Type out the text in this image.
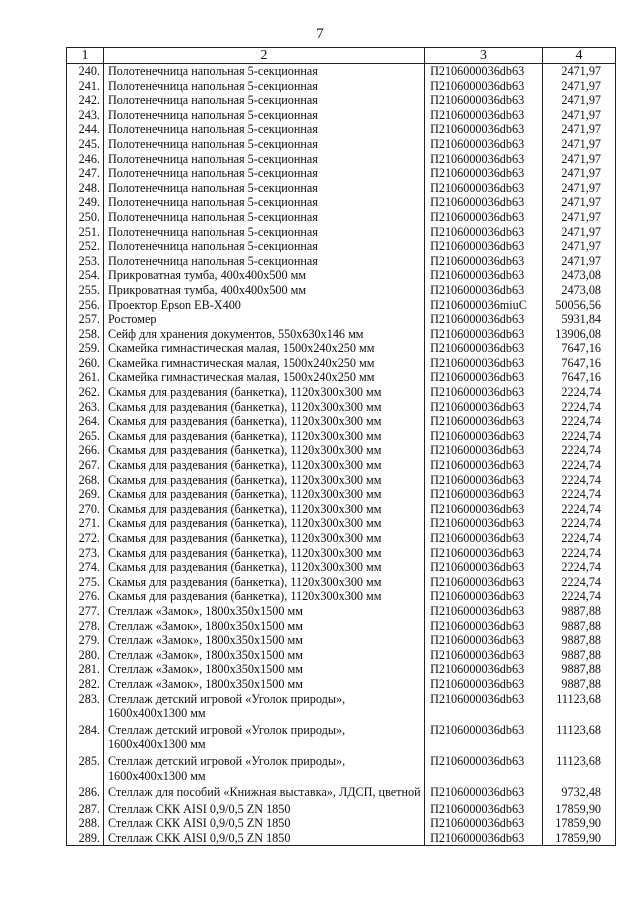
7
1	2	3	4
240.	Полотенечница напольная 5-секционная	П2106000036db63	2471,97
241.	Полотенечница напольная 5-секционная	П2106000036db63	2471,97
242.	Полотенечница напольная 5-секционная	П2106000036db63	2471,97
243.	Полотенечница напольная 5-секционная	П2106000036db63	2471,97
244.	Полотенечница напольная 5-секционная	П2106000036db63	2471,97
245.	Полотенечница напольная 5-секционная	П2106000036db63	2471,97
246.	Полотенечница напольная 5-секционная	П2106000036db63	2471,97
247.	Полотенечница напольная 5-секционная	П2106000036db63	2471,97
248.	Полотенечница напольная 5-секционная	П2106000036db63	2471,97
249.	Полотенечница напольная 5-секционная	П2106000036db63	2471,97
250.	Полотенечница напольная 5-секционная	П2106000036db63	2471,97
251.	Полотенечница напольная 5-секционная	П2106000036db63	2471,97
252.	Полотенечница напольная 5-секционная	П2106000036db63	2471,97
253.	Полотенечница напольная 5-секционная	П2106000036db63	2471,97
254.	Прикроватная тумба, 400x400x500 мм	П2106000036db63	2473,08
255.	Прикроватная тумба, 400x400x500 мм	П2106000036db63	2473,08
256.	Проектор Epson EB-X400	П2106000036miuC	50056,56
257.	Ростомер	П2106000036db63	5931,84
258.	Сейф для хранения документов, 550x630x146 мм	П2106000036db63	13906,08
259.	Скамейка гимнастическая малая, 1500x240x250 мм	П2106000036db63	7647,16
260.	Скамейка гимнастическая малая, 1500x240x250 мм	П2106000036db63	7647,16
261.	Скамейка гимнастическая малая, 1500x240x250 мм	П2106000036db63	7647,16
262.	Скамья для раздевания (банкетка), 1120x300x300 мм	П2106000036db63	2224,74
263.	Скамья для раздевания (банкетка), 1120x300x300 мм	П2106000036db63	2224,74
264.	Скамья для раздевания (банкетка), 1120x300x300 мм	П2106000036db63	2224,74
265.	Скамья для раздевания (банкетка), 1120x300x300 мм	П2106000036db63	2224,74
266.	Скамья для раздевания (банкетка), 1120x300x300 мм	П2106000036db63	2224,74
267.	Скамья для раздевания (банкетка), 1120x300x300 мм	П2106000036db63	2224,74
268.	Скамья для раздевания (банкетка), 1120x300x300 мм	П2106000036db63	2224,74
269.	Скамья для раздевания (банкетка), 1120x300x300 мм	П2106000036db63	2224,74
270.	Скамья для раздевания (банкетка), 1120x300x300 мм	П2106000036db63	2224,74
271.	Скамья для раздевания (банкетка), 1120x300x300 мм	П2106000036db63	2224,74
272.	Скамья для раздевания (банкетка), 1120x300x300 мм	П2106000036db63	2224,74
273.	Скамья для раздевания (банкетка), 1120x300x300 мм	П2106000036db63	2224,74
274.	Скамья для раздевания (банкетка), 1120x300x300 мм	П2106000036db63	2224,74
275.	Скамья для раздевания (банкетка), 1120x300x300 мм	П2106000036db63	2224,74
276.	Скамья для раздевания (банкетка), 1120x300x300 мм	П2106000036db63	2224,74
277.	Стеллаж «Замок», 1800x350x1500 мм	П2106000036db63	9887,88
278.	Стеллаж «Замок», 1800x350x1500 мм	П2106000036db63	9887,88
279.	Стеллаж «Замок», 1800x350x1500 мм	П2106000036db63	9887,88
280.	Стеллаж «Замок», 1800x350x1500 мм	П2106000036db63	9887,88
281.	Стеллаж «Замок», 1800x350x1500 мм	П2106000036db63	9887,88
282.	Стеллаж «Замок», 1800x350x1500 мм	П2106000036db63	9887,88
283.	Стеллаж детский игровой «Уголок природы», 1600x400x1300 мм	П2106000036db63	11123,68
284.	Стеллаж детский игровой «Уголок природы», 1600x400x1300 мм	П2106000036db63	11123,68
285.	Стеллаж детский игровой «Уголок природы», 1600x400x1300 мм	П2106000036db63	11123,68
286.	Стеллаж для пособий «Книжная выставка», ЛДСП, цветной	П2106000036db63	9732,48
287.	Стеллаж СКК AISI 0,9/0,5 ZN 1850	П2106000036db63	17859,90
288.	Стеллаж СКК AISI 0,9/0,5 ZN 1850	П2106000036db63	17859,90
289.	Стеллаж СКК AISI 0,9/0,5 ZN 1850	П2106000036db63	17859,90
